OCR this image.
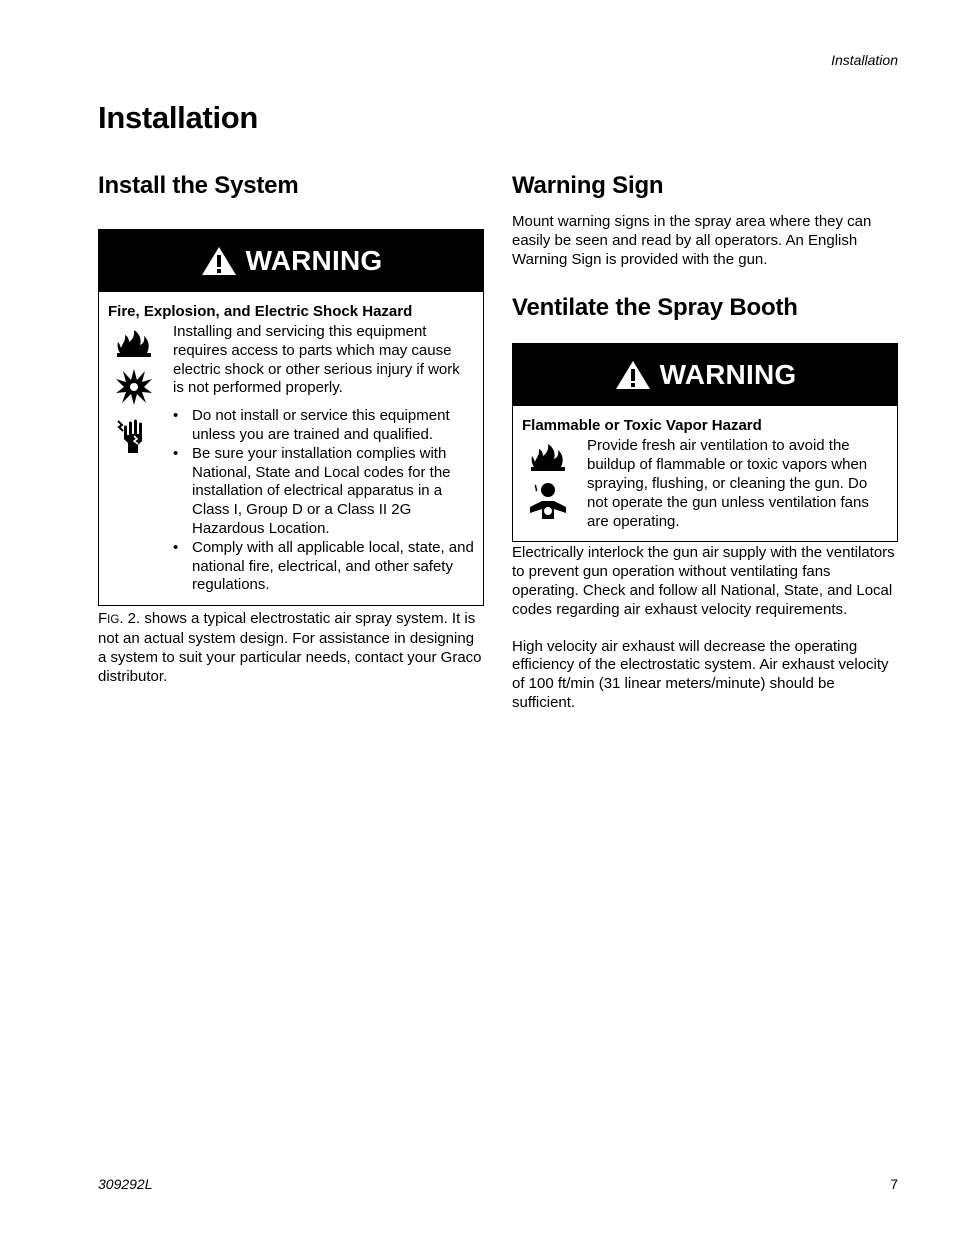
Installation
Installation
Install the System
WARNING
Fire, Explosion, and Electric Shock Hazard

Installing and servicing this equipment requires access to parts which may cause electric shock or other serious injury if work is not performed properly.

• Do not install or service this equipment unless you are trained and qualified.
• Be sure your installation complies with National, State and Local codes for the installation of electrical apparatus in a Class I, Group D or a Class II 2G Hazardous Location.
• Comply with all applicable local, state, and national fire, electrical, and other safety regulations.

FIG. 2. shows a typical electrostatic air spray system. It is not an actual system design. For assistance in designing a system to suit your particular needs, contact your Graco distributor.

Warning Sign

Mount warning signs in the spray area where they can easily be seen and read by all operators. An English Warning Sign is provided with the gun.

Ventilate the Spray Booth
WARNING
Flammable or Toxic Vapor Hazard

Provide fresh air ventilation to avoid the buildup of flammable or toxic vapors when spraying, flushing, or cleaning the gun. Do not operate the gun unless ventilation fans are operating.

Electrically interlock the gun air supply with the ventilators to prevent gun operation without ventilating fans operating. Check and follow all National, State, and Local codes regarding air exhaust velocity requirements.

High velocity air exhaust will decrease the operating efficiency of the electrostatic system. Air exhaust velocity of 100 ft/min (31 linear meters/minute) should be sufficient.

309292L	7
